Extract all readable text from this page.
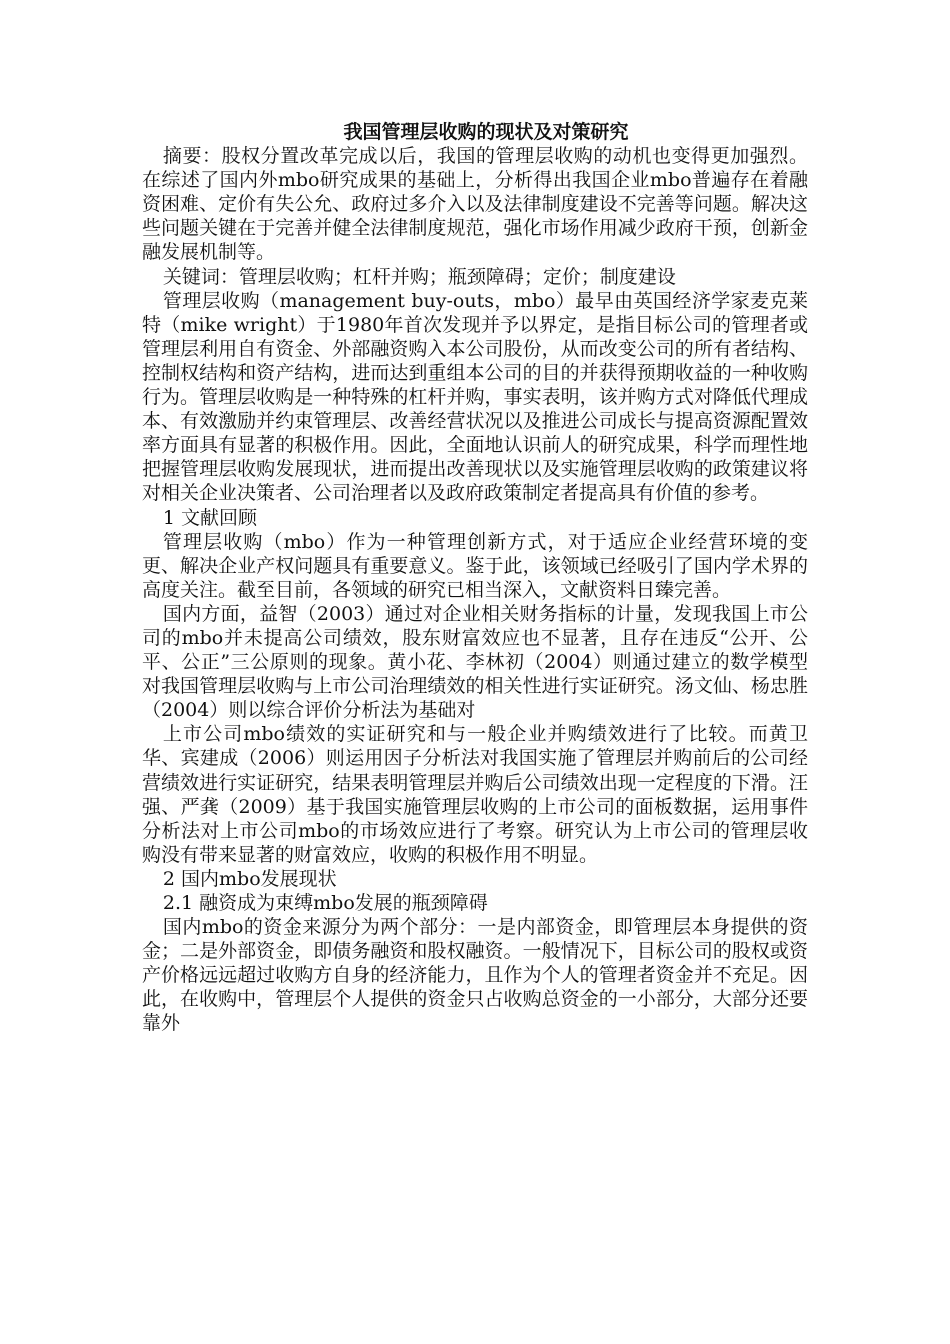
我国管理层收购的现状及对策研究

摘要：股权分置改革完成以后，我国的管理层收购的动机也变得更加强烈。在综述了国内外mbo研究成果的基础上，分析得出我国企业mbo普遍存在着融资困难、定价有失公允、政府过多介入以及法律制度建设不完善等问题。解决这些问题关键在于完善并健全法律制度规范，强化市场作用减少政府干预，创新金融发展机制等。

关键词：管理层收购；杠杆并购；瓶颈障碍；定价；制度建设

管理层收购（management buy-outs，mbo）最早由英国经济学家麦克莱特（mike wright）于1980年首次发现并予以界定，是指目标公司的管理者或管理层利用自有资金、外部融资购入本公司股份，从而改变公司的所有者结构、控制权结构和资产结构，进而达到重组本公司的目的并获得预期收益的一种收购行为。管理层收购是一种特殊的杠杆并购，事实表明，该并购方式对降低代理成本、有效激励并约束管理层、改善经营状况以及推进公司成长与提高资源配置效率方面具有显著的积极作用。因此，全面地认识前人的研究成果，科学而理性地把握管理层收购发展现状，进而提出改善现状以及实施管理层收购的政策建议将对相关企业决策者、公司治理者以及政府政策制定者提高具有价值的参考。

1 文献回顾

管理层收购（mbo）作为一种管理创新方式，对于适应企业经营环境的变更、解决企业产权问题具有重要意义。鉴于此，该领域已经吸引了国内学术界的高度关注。截至目前，各领域的研究已相当深入，文献资料日臻完善。

国内方面，益智（2003）通过对企业相关财务指标的计量，发现我国上市公司的mbo并未提高公司绩效，股东财富效应也不显著，且存在违反“公开、公平、公正”三公原则的现象。黄小花、李林初（2004）则通过建立的数学模型对我国管理层收购与上市公司治理绩效的相关性进行实证研究。汤文仙、杨忠胜（2004）则以综合评价分析法为基础对

上市公司mbo绩效的实证研究和与一般企业并购绩效进行了比较。而黄卫华、宾建成（2006）则运用因子分析法对我国实施了管理层并购前后的公司经营绩效进行实证研究，结果表明管理层并购后公司绩效出现一定程度的下滑。汪强、严龚（2009）基于我国实施管理层收购的上市公司的面板数据，运用事件分析法对上市公司mbo的市场效应进行了考察。研究认为上市公司的管理层收购没有带来显著的财富效应，收购的积极作用不明显。

2 国内mbo发展现状

2.1 融资成为束缚mbo发展的瓶颈障碍

国内mbo的资金来源分为两个部分：一是内部资金，即管理层本身提供的资金；二是外部资金，即债务融资和股权融资。一般情况下，目标公司的股权或资产价格远远超过收购方自身的经济能力，且作为个人的管理者资金并不充足。因此，在收购中，管理层个人提供的资金只占收购总资金的一小部分，大部分还要靠外
